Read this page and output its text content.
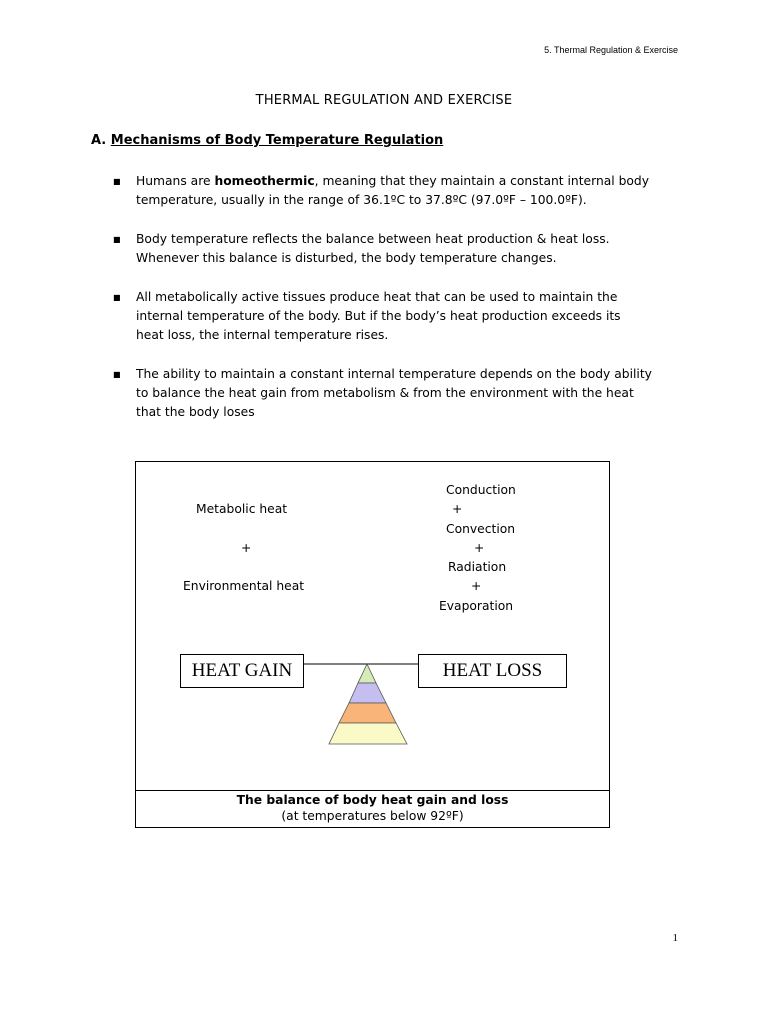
5. Thermal Regulation & Exercise
THERMAL REGULATION AND EXERCISE
A. Mechanisms of Body Temperature Regulation
■ Humans are homeothermic, meaning that they maintain a constant internal body
temperature, usually in the range of 36.1ºC to 37.8ºC (97.0ºF – 100.0ºF).
■ Body temperature reflects the balance between heat production & heat loss.
Whenever this balance is disturbed, the body temperature changes.
■ All metabolically active tissues produce heat that can be used to maintain the
internal temperature of the body. But if the body’s heat production exceeds its
heat loss, the internal temperature rises.
■ The ability to maintain a constant internal temperature depends on the body ability
to balance the heat gain from metabolism & from the environment with the heat
that the body loses
Metabolic heat
+
Environmental heat
Conduction
+
Convection
+
Radiation
+
Evaporation
HEAT GAIN	HEAT LOSS
The balance of body heat gain and loss
(at temperatures below 92ºF)
1
